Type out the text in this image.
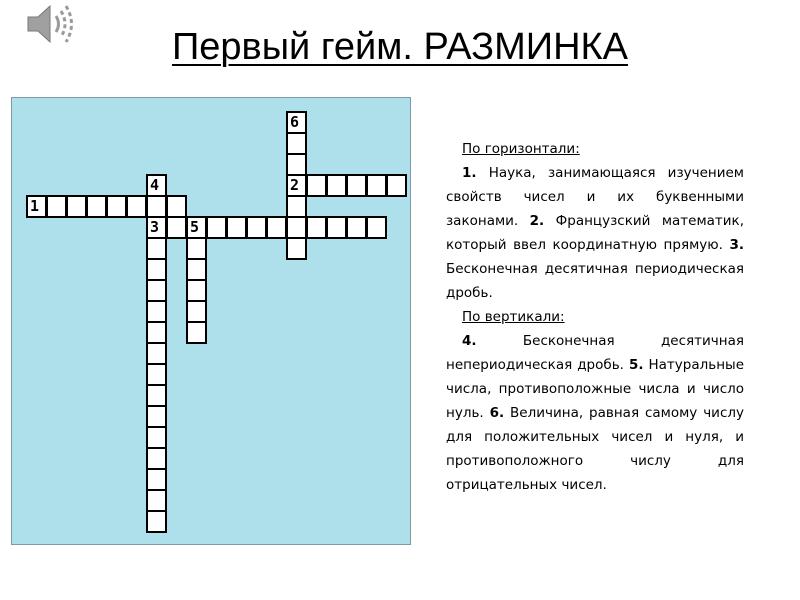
Первый гейм. РАЗМИНКА
1
2
3
4
5
6
По горизонтали:
1. Наука, занимающаяся изучением свойств чисел и их буквенными законами. 2. Французский математик, который ввел координатную прямую. 3. Бесконечная десятичная периодическая дробь.
По вертикали:
4.	Бесконечная десятичная непериодическая дробь. 5. Натуральные числа, противоположные числа и число нуль. 6. Величина, равная самому числу для положительных чисел и нуля, и противоположного числу для отрицательных чисел.
